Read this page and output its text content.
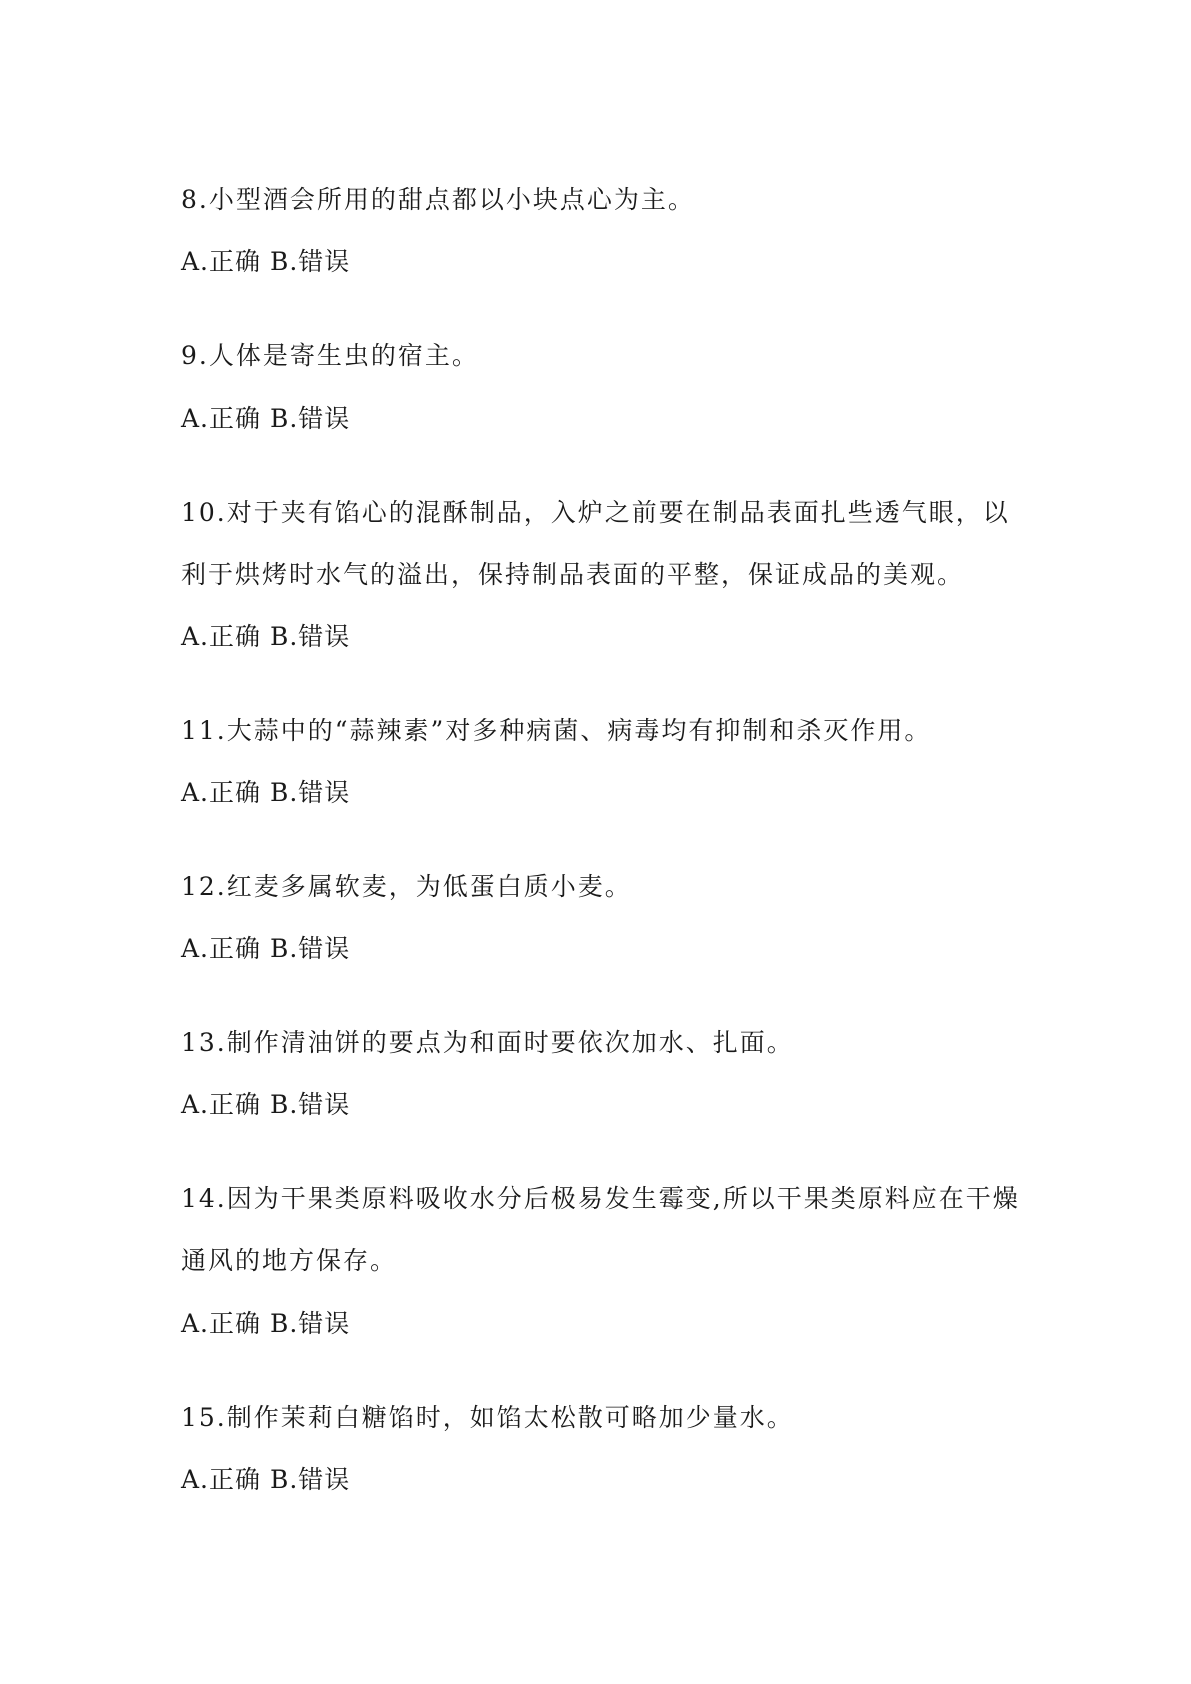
8.小型酒会所用的甜点都以小块点心为主。
A.正确 B.错误
9.人体是寄生虫的宿主。
A.正确 B.错误
10.对于夹有馅心的混酥制品，入炉之前要在制品表面扎些透气眼，以
利于烘烤时水气的溢出，保持制品表面的平整，保证成品的美观。
A.正确 B.错误
11.大蒜中的“蒜辣素”对多种病菌、病毒均有抑制和杀灭作用。
A.正确 B.错误
12.红麦多属软麦，为低蛋白质小麦。
A.正确 B.错误
13.制作清油饼的要点为和面时要依次加水、扎面。
A.正确 B.错误
14.因为干果类原料吸收水分后极易发生霉变,所以干果类原料应在干燥
通风的地方保存。
A.正确 B.错误
15.制作茉莉白糖馅时，如馅太松散可略加少量水。
A.正确 B.错误
